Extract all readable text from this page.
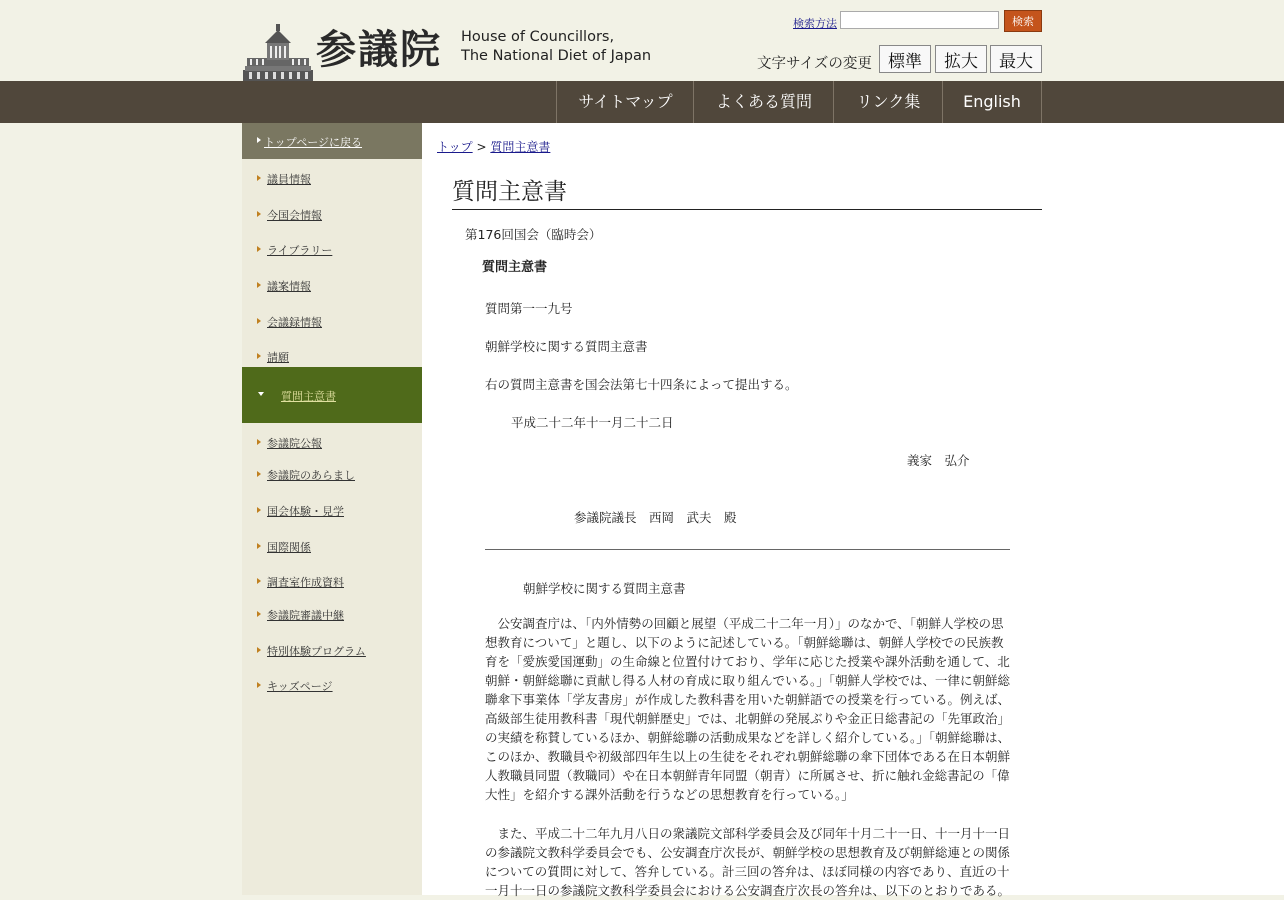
参議院 House of Councillors,
The National Diet of Japan
検索方法	検索
文字サイズの変更 標準	拡大	最大
サイトマップ	よくある質問	リンク集	English
トップページに戻る
議員情報
今国会情報
ライブラリー
議案情報
会議録情報
請願
質問主意書
参議院公報
参議院のあらまし
国会体験・見学
国際関係
調査室作成資料
参議院審議中継
特別体験プログラム
キッズページ
トップ > 質問主意書
質問主意書
第176回国会（臨時会）
質問主意書
質問第一一九号
朝鮮学校に関する質問主意書
右の質問主意書を国会法第七十四条によって提出する。
平成二十二年十一月二十二日
義家　弘介
参議院議長　西岡　武夫　殿
朝鮮学校に関する質問主意書
　公安調査庁は、「内外情勢の回顧と展望（平成二十二年一月）」のなかで、「朝鮮人学校の思想教育について」と題し、以下のように記述している。「朝鮮総聯は、朝鮮人学校での民族教育を「愛族愛国運動」の生命線と位置付けており、学年に応じた授業や課外活動を通して、北朝鮮・朝鮮総聯に貢献し得る人材の育成に取り組んでいる。」「朝鮮人学校では、一律に朝鮮総聯傘下事業体「学友書房」が作成した教科書を用いた朝鮮語での授業を行っている。例えば、高級部生徒用教科書「現代朝鮮歴史」では、北朝鮮の発展ぶりや金正日総書記の「先軍政治」の実績を称賛しているほか、朝鮮総聯の活動成果などを詳しく紹介している。」「朝鮮総聯は、このほか、教職員や初級部四年生以上の生徒をそれぞれ朝鮮総聯の傘下団体である在日本朝鮮人教職員同盟（教職同）や在日本朝鮮青年同盟（朝青）に所属させ、折に触れ金総書記の「偉大性」を紹介する課外活動を行うなどの思想教育を行っている。」
　また、平成二十二年九月八日の衆議院文部科学委員会及び同年十月二十一日、十一月十一日の参議院文教科学委員会でも、公安調査庁次長が、朝鮮学校の思想教育及び朝鮮総連との関係についての質問に対して、答弁している。計三回の答弁は、ほぼ同様の内容であり、直近の十一月十一日の参議院文教科学委員会における公安調査庁次長の答弁は、以下のとおりである。
